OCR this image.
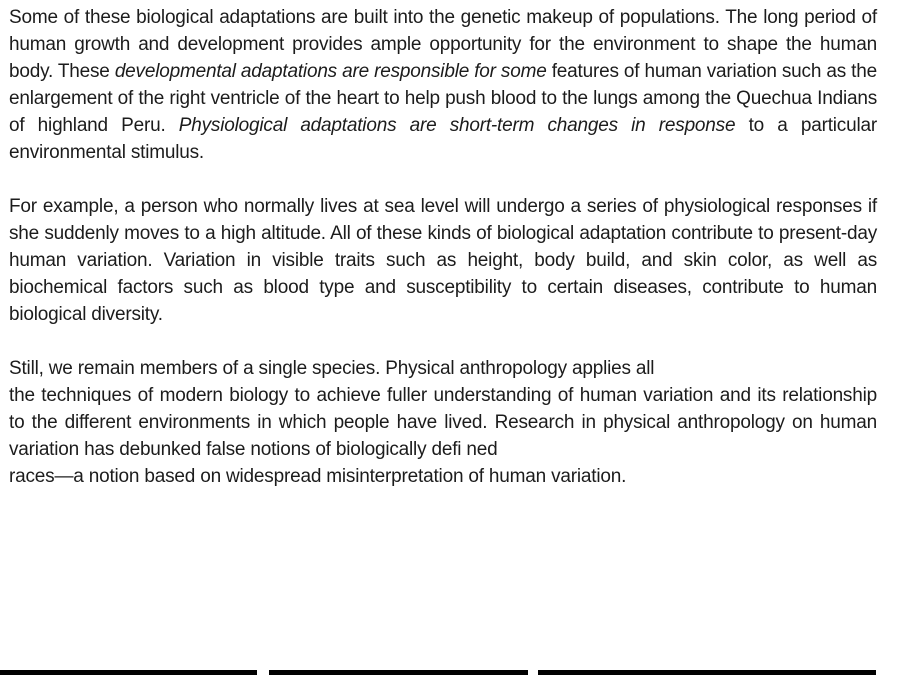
Some of these biological adaptations are built into the genetic makeup of populations. The long period of human growth and development provides ample opportunity for the environment to shape the human body. These developmental adaptations are responsible for some features of human variation such as the enlargement of the right ventricle of the heart to help push blood to the lungs among the Quechua Indians of highland Peru. Physiological adaptations are short-term changes in response to a particular environmental stimulus.

For example, a person who normally lives at sea level will undergo a series of physiological responses if she suddenly moves to a high altitude. All of these kinds of biological adaptation contribute to present-day human variation. Variation in visible traits such as height, body build, and skin color, as well as biochemical factors such as blood type and susceptibility to certain diseases, contribute to human biological diversity.

Still, we remain members of a single species. Physical anthropology applies all
the techniques of modern biology to achieve fuller understanding of human variation and its relationship to the different environments in which people have lived. Research in physical anthropology on human variation has debunked false notions of biologically defi ned
races—a notion based on widespread misinterpretation of human variation.
